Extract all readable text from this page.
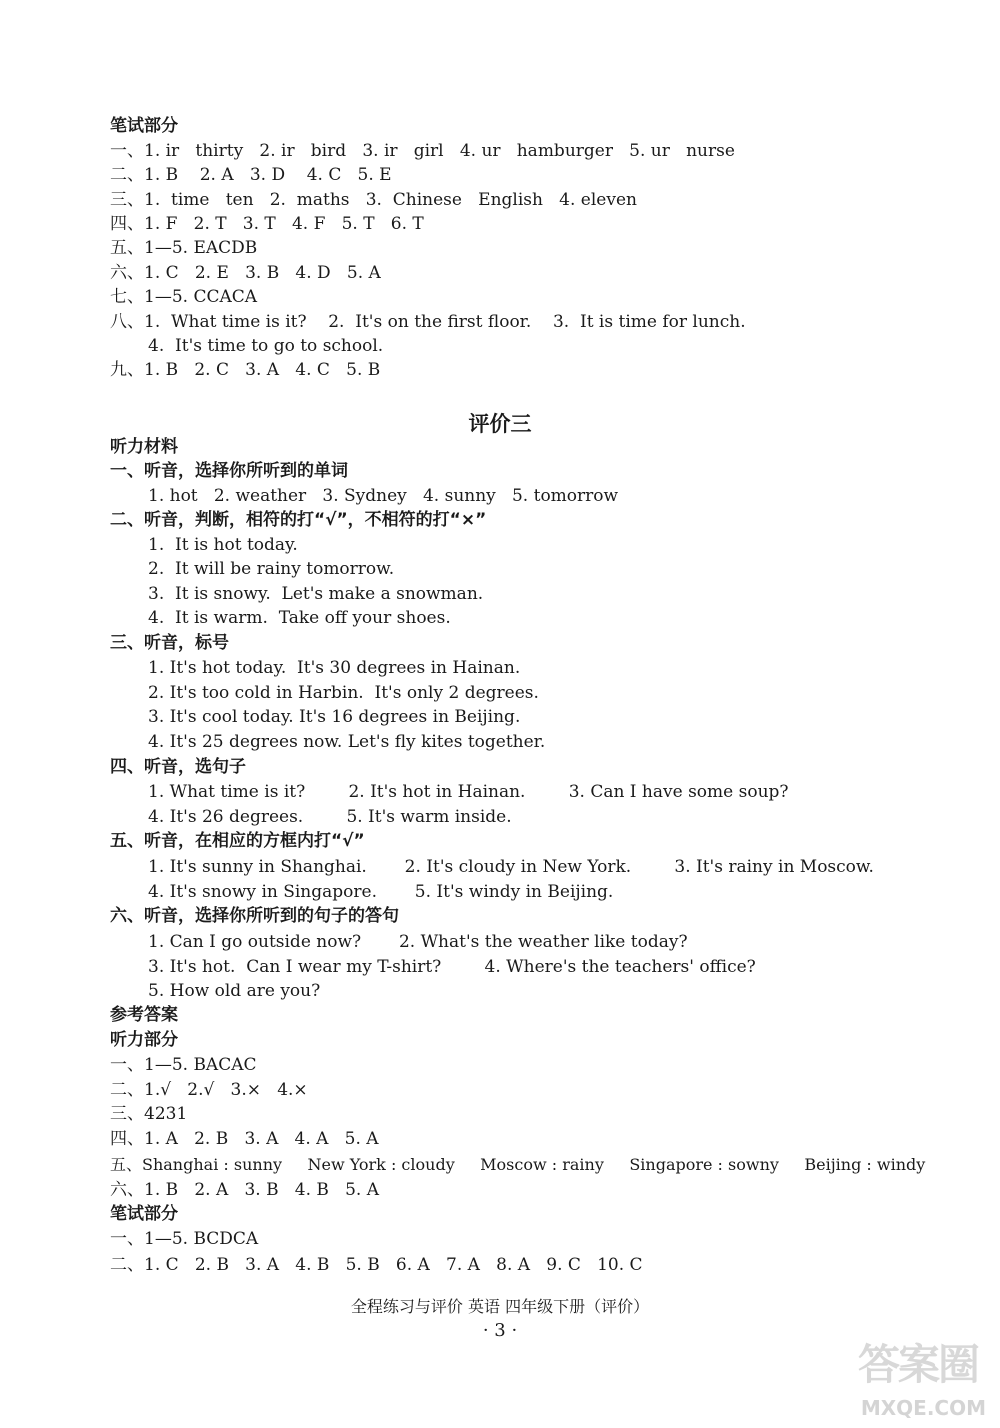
笔试部分
一、1. ir   thirty   2. ir   bird   3. ir   girl   4. ur   hamburger   5. ur   nurse
二、1. B    2. A   3. D    4. C   5. E
三、1.  time   ten   2.  maths   3.  Chinese   English   4. eleven
四、1. F   2. T   3. T   4. F   5. T   6. T
五、1—5. EACDB
六、1. C   2. E   3. B   4. D   5. A
七、1—5. CCACA
八、1.  What time is it?    2.  It's on the first floor.    3.  It is time for lunch.
4.  It's time to go to school.
九、1. B   2. C   3. A   4. C   5. B
评价三
听力材料
一、听音，选择你所听到的单词
1. hot   2. weather   3. Sydney   4. sunny   5. tomorrow
二、听音，判断，相符的打“√”，不相符的打“×”
1.  It is hot today.
2.  It will be rainy tomorrow.
3.  It is snowy.  Let's make a snowman.
4.  It is warm.  Take off your shoes.
三、听音，标号
1. It's hot today.  It's 30 degrees in Hainan.
2. It's too cold in Harbin.  It's only 2 degrees.
3. It's cool today. It's 16 degrees in Beijing.
4. It's 25 degrees now. Let's fly kites together.
四、听音，选句子
1. What time is it?        2. It's hot in Hainan.        3. Can I have some soup?
4. It's 26 degrees.        5. It's warm inside.
五、听音，在相应的方框内打“√”
1. It's sunny in Shanghai.       2. It's cloudy in New York.        3. It's rainy in Moscow.
4. It's snowy in Singapore.       5. It's windy in Beijing.
六、听音，选择你所听到的句子的答句
1. Can I go outside now?       2. What's the weather like today?
3. It's hot.  Can I wear my T-shirt?        4. Where's the teachers' office?
5. How old are you?
参考答案
听力部分
一、1—5. BACAC
二、1.√   2.√   3.×   4.×
三、4231
四、1. A   2. B   3. A   4. A   5. A
五、Shanghai : sunny     New York : cloudy     Moscow : rainy     Singapore : sowny     Beijing : windy
六、1. B   2. A   3. B   4. B   5. A
笔试部分
一、1—5. BCDCA
二、1. C   2. B   3. A   4. B   5. B   6. A   7. A   8. A   9. C   10. C
全程练习与评价 英语 四年级下册（评价）
· 3 ·
答案圈
MXQE.COM
